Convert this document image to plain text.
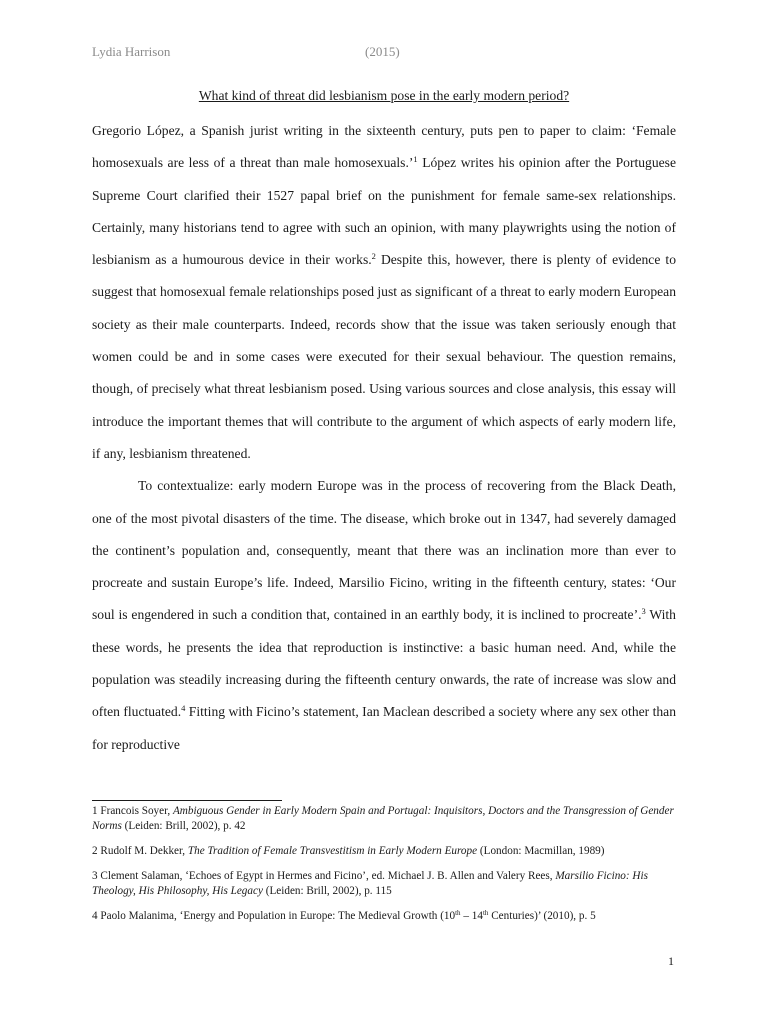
Lydia Harrison	(2015)
What kind of threat did lesbianism pose in the early modern period?

Gregorio López, a Spanish jurist writing in the sixteenth century, puts pen to paper to claim: ‘Female homosexuals are less of a threat than male homosexuals.’$^1$ López writes his opinion after the Portuguese Supreme Court clarified their 1527 papal brief on the punishment for female same-sex relationships. Certainly, many historians tend to agree with such an opinion, with many playwrights using the notion of lesbianism as a humourous device in their works.$^2$ Despite this, however, there is plenty of evidence to suggest that homosexual female relationships posed just as significant of a threat to early modern European society as their male counterparts. Indeed, records show that the issue was taken seriously enough that women could be and in some cases were executed for their sexual behaviour. The question remains, though, of precisely what threat lesbianism posed. Using various sources and close analysis, this essay will introduce the important themes that will contribute to the argument of which aspects of early modern life, if any, lesbianism threatened.

To contextualize: early modern Europe was in the process of recovering from the Black Death, one of the most pivotal disasters of the time. The disease, which broke out in 1347, had severely damaged the continent’s population and, consequently, meant that there was an inclination more than ever to procreate and sustain Europe’s life. Indeed, Marsilio Ficino, writing in the fifteenth century, states: ‘Our soul is engendered in such a condition that, contained in an earthly body, it is inclined to procreate’.$^3$ With these words, he presents the idea that reproduction is instinctive: a basic human need. And, while the population was steadily increasing during the fifteenth century onwards, the rate of increase was slow and often fluctuated.$^4$ Fitting with Ficino’s statement, Ian Maclean described a society where any sex other than for reproductive

1 Francois Soyer, Ambiguous Gender in Early Modern Spain and Portugal: Inquisitors, Doctors and the Transgression of Gender Norms (Leiden: Brill, 2002), p. 42

2 Rudolf M. Dekker, The Tradition of Female Transvestitism in Early Modern Europe (London: Macmillan, 1989)

3 Clement Salaman, ‘Echoes of Egypt in Hermes and Ficino’, ed. Michael J. B. Allen and Valery Rees, Marsilio Ficino: His Theology, His Philosophy, His Legacy (Leiden: Brill, 2002), p. 115

4 Paolo Malanima, ‘Energy and Population in Europe: The Medieval Growth (10th – 14th Centuries)’ (2010), p. 5

1
